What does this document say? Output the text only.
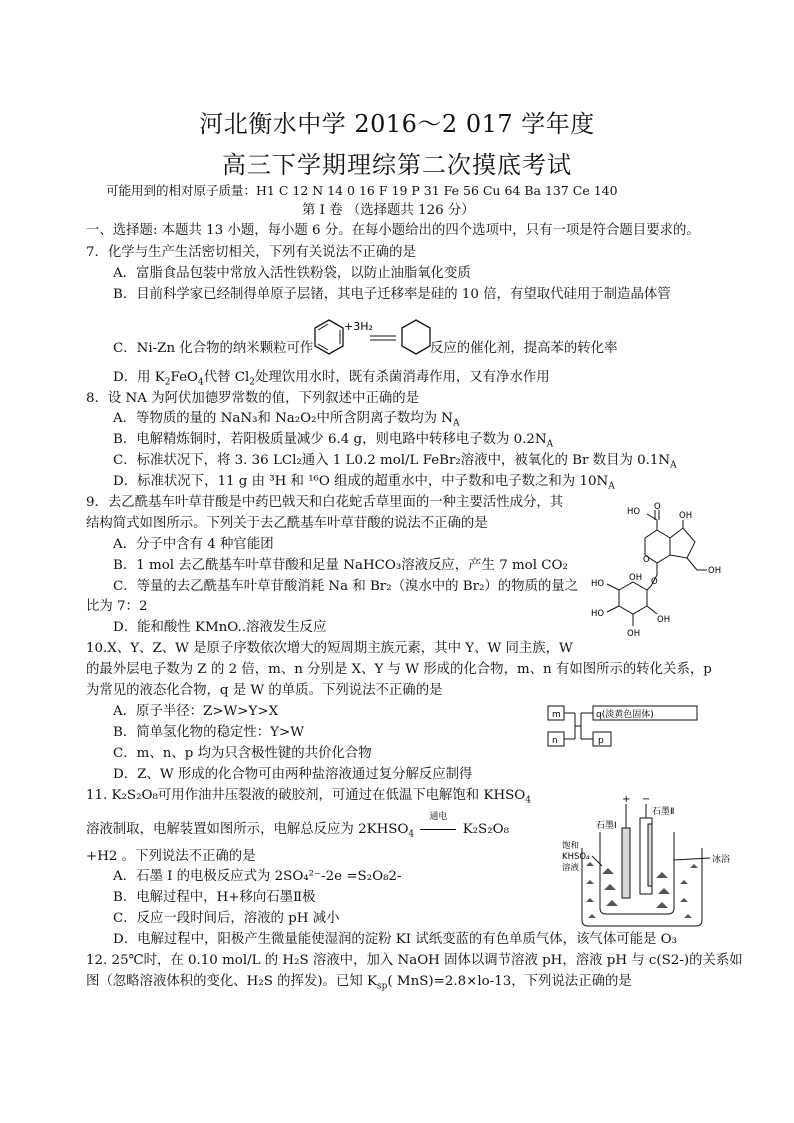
河北衡水中学 2016～2 017 学年度
高三下学期理综第二次摸底考试
可能用到的相对原子质量：H1 C 12 N 14 0 16 F 19 P 31 Fe 56 Cu 64 Ba 137 Ce 140
第 I 卷 （选择题共 126 分）
一、选择题: 本题共 13 小题，每小题 6 分。在每小题给出的四个选项中，只有一项是符合题目要求的。
7．化学与生产生活密切相关，下列有关说法不正确的是
A．富脂食品包装中常放入活性铁粉袋，以防止油脂氧化变质
B．目前科学家已经制得单原子层锗，其电子迁移率是硅的 10 倍，有望取代硅用于制造晶体管
C．Ni-Zn 化合物的纳米颗粒可作
+3H₂
反应的催化剂，提高苯的转化率
D．用 $K_2FeO_4$代替 $Cl_2$处理饮用水时，既有杀菌消毒作用，又有净水作用
8．设 NA 为阿伏加德罗常数的值，下列叙述中正确的是
A．等物质的量的 NaN₃和 Na₂O₂中所含阴离子数均为 $N_A$
B．电解精炼铜时，若阳极质量减少 6.4 g，则电路中转移电子数为 $0.2N_A$
C．标准状况下，将 3. 36 LCl₂通入 1 L0.2 mol/L FeBr₂溶液中，被氧化的 Br 数目为 $0.1N_A$
D．标准状况下，11 g 由 ³H 和 ¹⁶O 组成的超重水中，中子数和电子数之和为 $10N_A$
9．去乙酰基车叶草苷酸是中药巴戟天和白花蛇舌草里面的一种主要活性成分，其
结构简式如图所示。下列关于去乙酰基车叶草苷酸的说法不正确的是
A．分子中含有 4 种官能团
B．1 mol 去乙酰基车叶草苷酸和足量 NaHCO₃溶液反应，产生 7 mol CO₂
C．等量的去乙酰基车叶草苷酸消耗 Na 和 Br₂（溴水中的 Br₂）的物质的量之
比为 7：2
D．能和酸性 KMnO..溶液发生反应
HO O
OH
OH
O
O
OH
HO
HO
OH
OH
10.X、Y、Z、W 是原子序数依次增大的短周期主族元素，其中 Y、W 同主族，W
的最外层电子数为 Z 的 2 倍，m、n 分别是 X、Y 与 W 形成的化合物，m、n 有如图所示的转化关系，p
为常见的液态化合物，q 是 W 的单质。下列说法不正确的是
A．原子半径：Z>W>Y>X
B．简单氢化物的稳定性：Y>W
C．m、n、p 均为只含极性键的共价化合物
D．Z、W 形成的化合物可由两种盐溶液通过复分解反应制得
m
n
q(淡黄色固体)
p
11. K₂S₂O₈可用作油井压裂液的破胶剂，可通过在低温下电解饱和 $KHSO_4$
溶液制取，电解装置如图所示，电解总反应为 $2KHSO_4$
通电
K₂S₂O₈
+H2 。下列说法不正确的是
A．石墨 I 的电极反应式为 2SO₄²⁻-2e =S₂O₈2-
B．电解过程中，H+移向石墨Ⅱ极
C．反应一段时间后，溶液的 pH 减小
D．电解过程中，阳极产生微量能使湿润的淀粉 KI 试纸变蓝的有色单质气体，该气体可能是 O₃
+ −
石墨Ⅰ
石墨Ⅱ
饱和
KHSO₄
溶液
冰浴
12. 25℃时，在 0.10 mol/L 的 H₂S 溶液中，加入 NaOH 固体以调节溶液 pH，溶液 pH 与 c(S2-)的关系如
图（忽略溶液体积的变化、H₂S 的挥发)。已知 $K_{sp}$( MnS)=2.8×lo-13，下列说法正确的是
